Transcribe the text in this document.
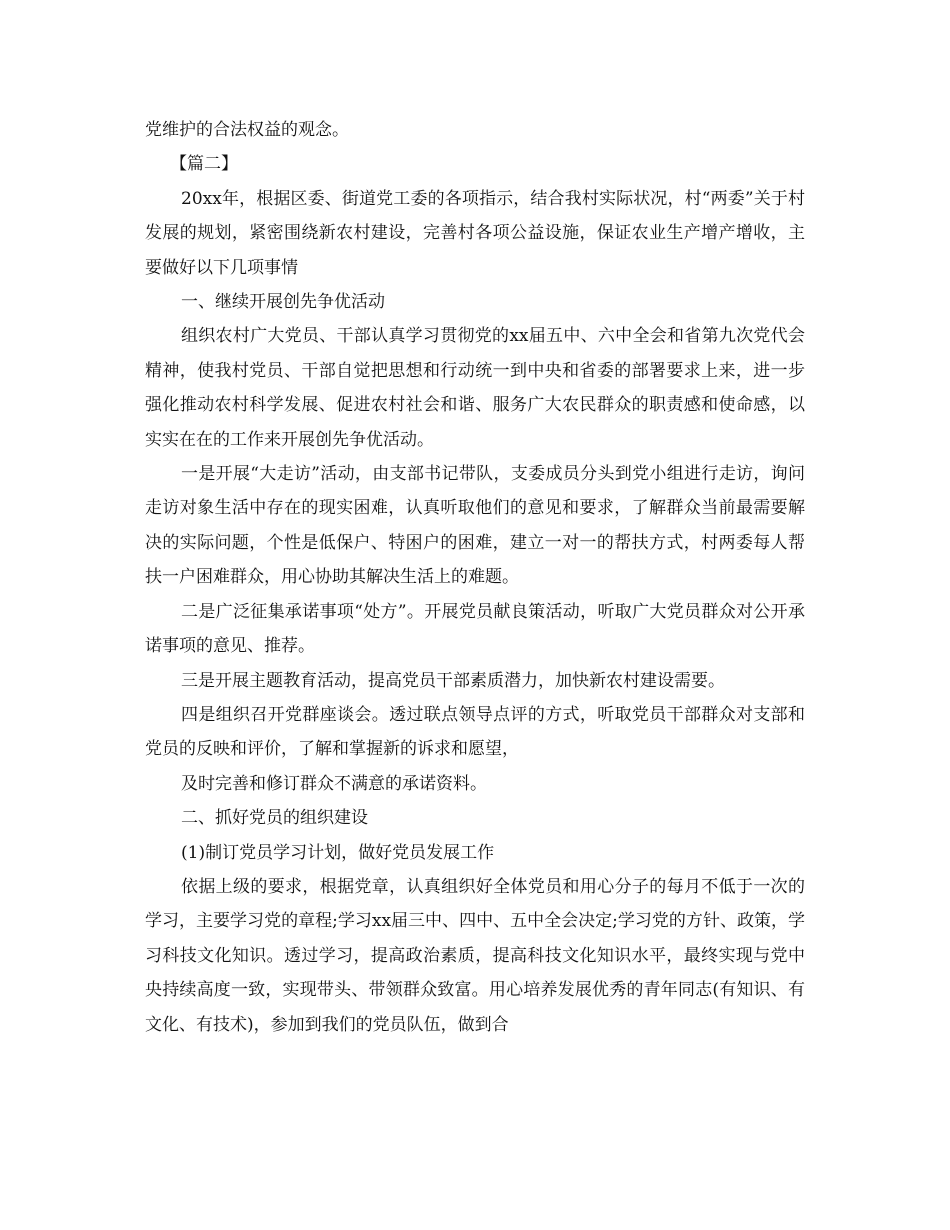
党维护的合法权益的观念。

【篇二】

20xx年，根据区委、街道党工委的各项指示，结合我村实际状况，村“两委”关于村发展的规划，紧密围绕新农村建设，完善村各项公益设施，保证农业生产增产增收，主要做好以下几项事情

一、继续开展创先争优活动

组织农村广大党员、干部认真学习贯彻党的xx届五中、六中全会和省第九次党代会精神，使我村党员、干部自觉把思想和行动统一到中央和省委的部署要求上来，进一步强化推动农村科学发展、促进农村社会和谐、服务广大农民群众的职责感和使命感，以实实在在的工作来开展创先争优活动。

一是开展“大走访”活动，由支部书记带队，支委成员分头到党小组进行走访，询问走访对象生活中存在的现实困难，认真听取他们的意见和要求，了解群众当前最需要解决的实际问题，个性是低保户、特困户的困难，建立一对一的帮扶方式，村两委每人帮扶一户困难群众，用心协助其解决生活上的难题。

二是广泛征集承诺事项“处方”。开展党员献良策活动，听取广大党员群众对公开承诺事项的意见、推荐。

三是开展主题教育活动，提高党员干部素质潜力，加快新农村建设需要。

四是组织召开党群座谈会。透过联点领导点评的方式，听取党员干部群众对支部和党员的反映和评价，了解和掌握新的诉求和愿望，

及时完善和修订群众不满意的承诺资料。

二、抓好党员的组织建设

(1)制订党员学习计划，做好党员发展工作

依据上级的要求，根据党章，认真组织好全体党员和用心分子的每月不低于一次的学习，主要学习党的章程;学习xx届三中、四中、五中全会决定;学习党的方针、政策，学习科技文化知识。透过学习，提高政治素质，提高科技文化知识水平，最终实现与党中央持续高度一致，实现带头、带领群众致富。用心培养发展优秀的青年同志(有知识、有文化、有技术)，参加到我们的党员队伍，做到合
